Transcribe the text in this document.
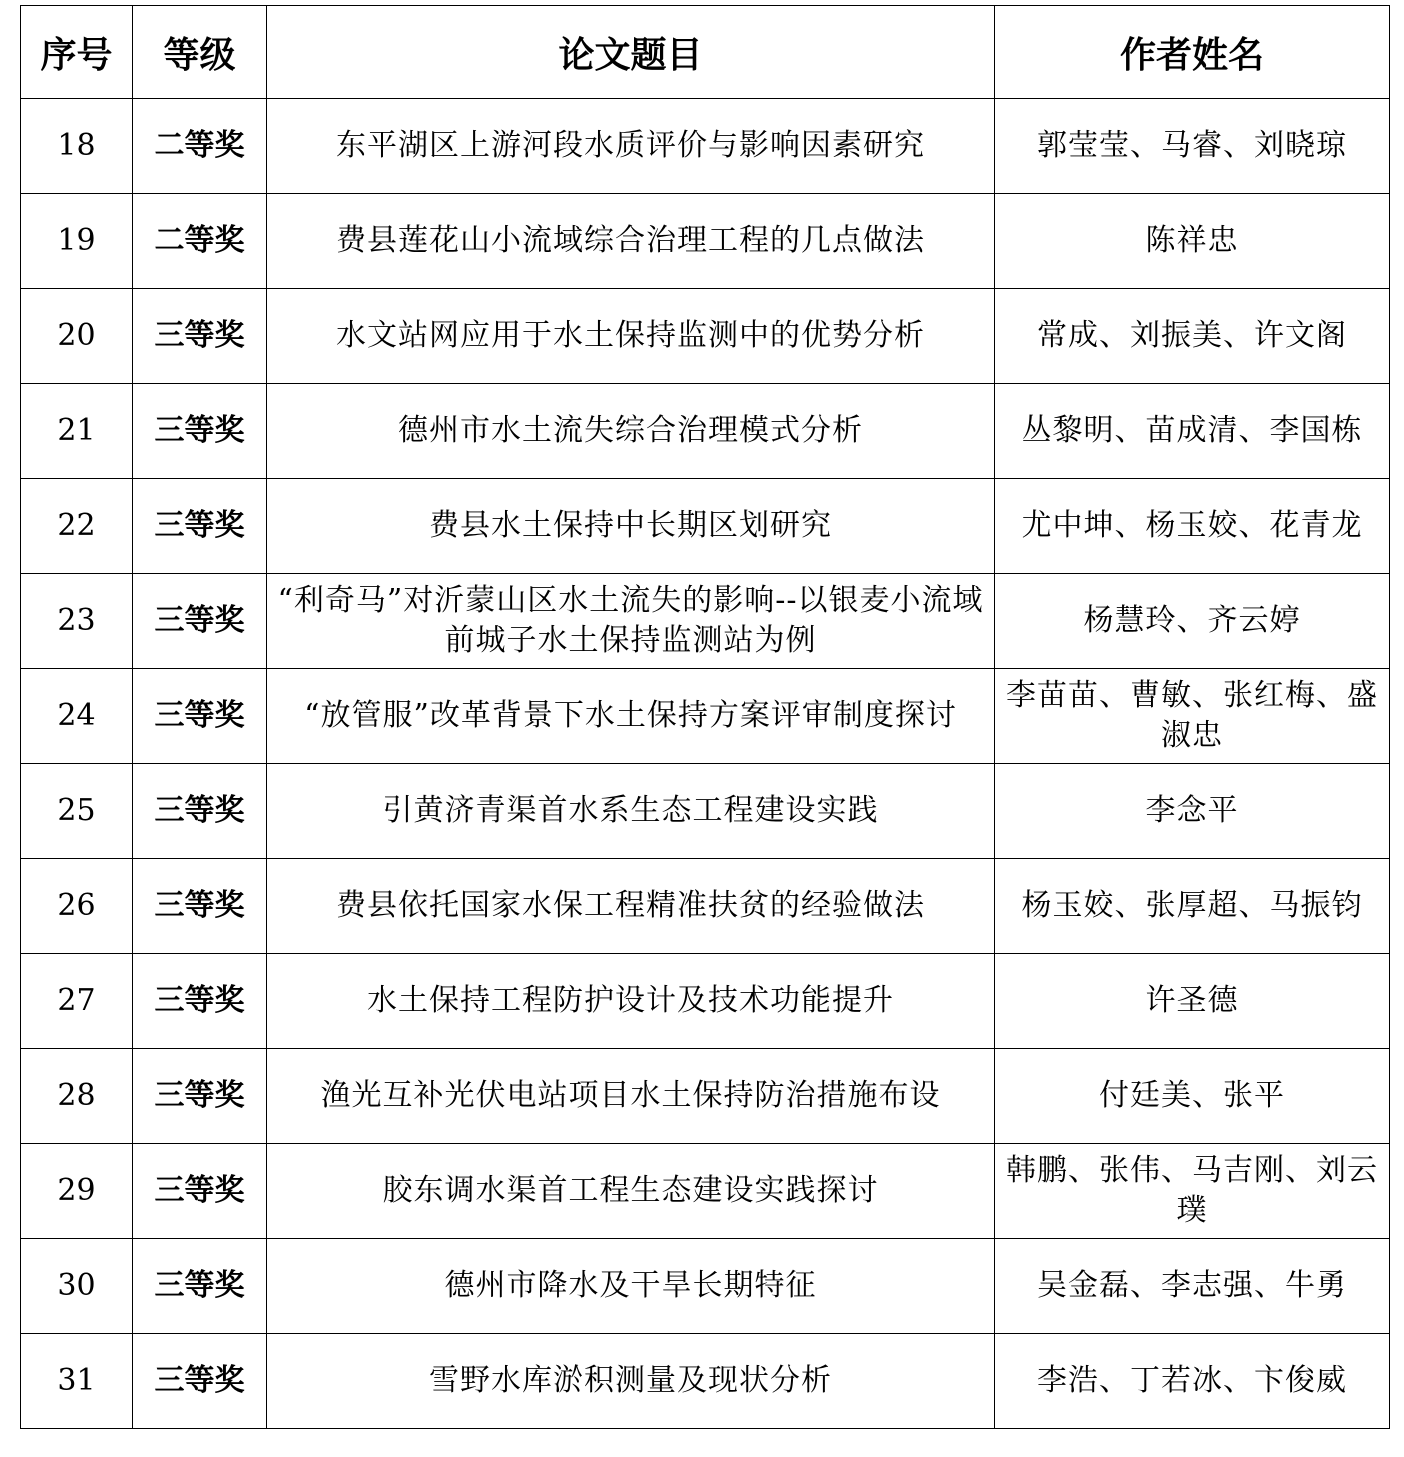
序号	等级	论文题目	作者姓名
18	二等奖	东平湖区上游河段水质评价与影响因素研究	郭莹莹、马睿、刘晓琼
19	二等奖	费县莲花山小流域综合治理工程的几点做法	陈祥忠
20	三等奖	水文站网应用于水土保持监测中的优势分析	常成、刘振美、许文阁
21	三等奖	德州市水土流失综合治理模式分析	丛黎明、苗成清、李国栋
22	三等奖	费县水土保持中长期区划研究	尤中坤、杨玉姣、花青龙
23	三等奖	“利奇马”对沂蒙山区水土流失的影响--以银麦小流域前城子水土保持监测站为例	杨慧玲、齐云婷
24	三等奖	“放管服”改革背景下水土保持方案评审制度探讨	李苗苗、曹敏、张红梅、盛淑忠
25	三等奖	引黄济青渠首水系生态工程建设实践	李念平
26	三等奖	费县依托国家水保工程精准扶贫的经验做法	杨玉姣、张厚超、马振钧
27	三等奖	水土保持工程防护设计及技术功能提升	许圣德
28	三等奖	渔光互补光伏电站项目水土保持防治措施布设	付廷美、张平
29	三等奖	胶东调水渠首工程生态建设实践探讨	韩鹏、张伟、马吉刚、刘云璞
30	三等奖	德州市降水及干旱长期特征	吴金磊、李志强、牛勇
31	三等奖	雪野水库淤积测量及现状分析	李浩、丁若冰、卞俊威
